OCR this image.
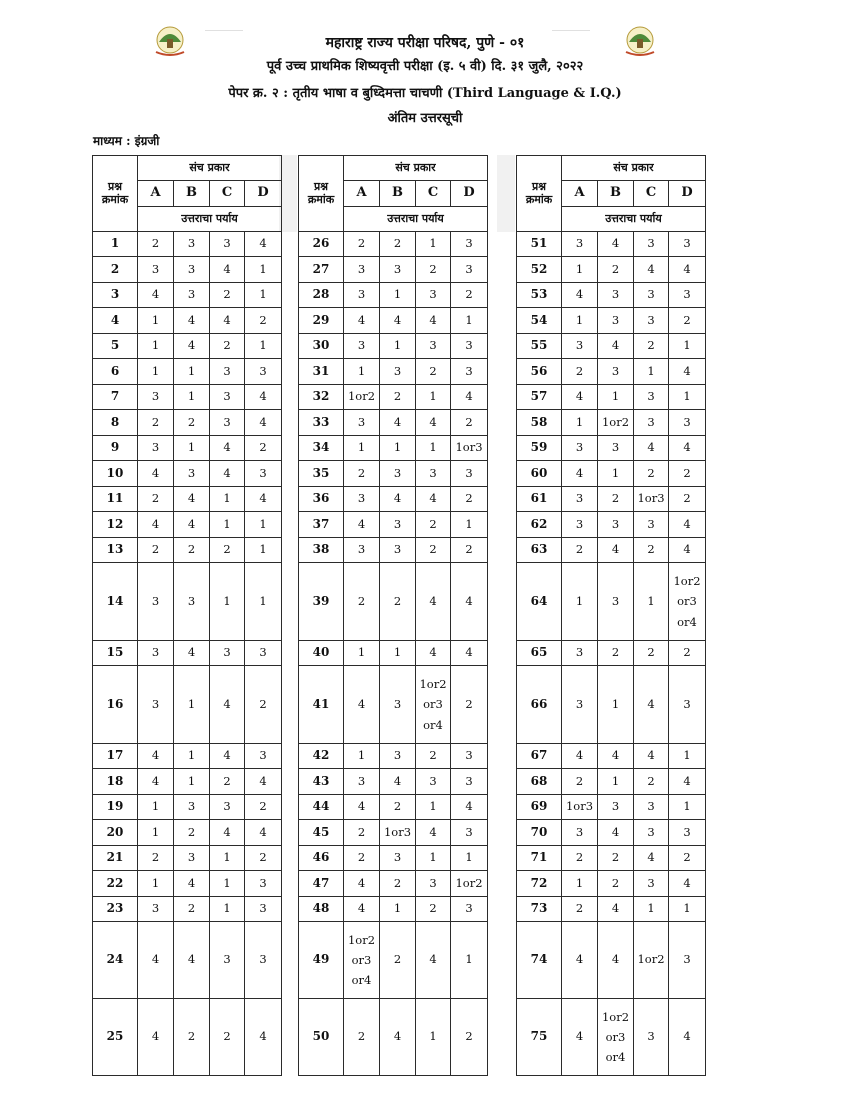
महाराष्ट्र राज्य परीक्षा परिषद, पुणे - ०१
पूर्व उच्च प्राथमिक शिष्यवृत्ती परीक्षा (इ. ५ वी) दि. ३१ जुलै, २०२२
पेपर क्र. २ : तृतीय भाषा व बुध्दिमत्ता चाचणी (Third Language & I.Q.)
अंतिम उत्तरसूची
माध्यम : इंग्रजी
प्रश्न
क्रमांक	संच प्रकार			
	A	B	C	D
	उत्तराचा पर्याय			
1	2	3	3	4

2	3	3	4	1

3	4	3	2	1

4	1	4	4	2

5	1	4	2	1

6	1	1	3	3

7	3	1	3	4

8	2	2	3	4

9	3	1	4	2

10	4	3	4	3

11	2	4	1	4

12	4	4	1	1

13	2	2	2	1

14	3	3	1	1

15	3	4	3	3

16	3	1	4	2

17	4	1	4	3

18	4	1	2	4

19	1	3	3	2

20	1	2	4	4

21	2	3	1	2

22	1	4	1	3

23	3	2	1	3

24	4	4	3	3

25	4	2	2	4
प्रश्न
क्रमांक	संच प्रकार			
	A	B	C	D
	उत्तराचा पर्याय			
26	2	2	1	3

27	3	3	2	3

28	3	1	3	2

29	4	4	4	1

30	3	1	3	3

31	1	3	2	3

32	1or2	2	1	4

33	3	4	4	2

34	1	1	1	1or3

35	2	3	3	3

36	3	4	4	2

37	4	3	2	1

38	3	3	2	2

39	2	2	4	4

40	1	1	4	4

41	4	3	1or2
or3
or4	2

42	1	3	2	3

43	3	4	3	3

44	4	2	1	4

45	2	1or3	4	3

46	2	3	1	1

47	4	2	3	1or2

48	4	1	2	3

49	1or2
or3
or4	2	4	1

50	2	4	1	2
प्रश्न
क्रमांक	संच प्रकार			
	A	B	C	D
	उत्तराचा पर्याय			
51	3	4	3	3

52	1	2	4	4

53	4	3	3	3

54	1	3	3	2

55	3	4	2	1

56	2	3	1	4

57	4	1	3	1

58	1	1or2	3	3

59	3	3	4	4

60	4	1	2	2

61	3	2	1or3	2

62	3	3	3	4

63	2	4	2	4

64	1	3	1	1or2
or3
or4

65	3	2	2	2

66	3	1	4	3

67	4	4	4	1

68	2	1	2	4

69	1or3	3	3	1

70	3	4	3	3

71	2	2	4	2

72	1	2	3	4

73	2	4	1	1

74	4	4	1or2	3

75	4	1or2
or3
or4	3	4
